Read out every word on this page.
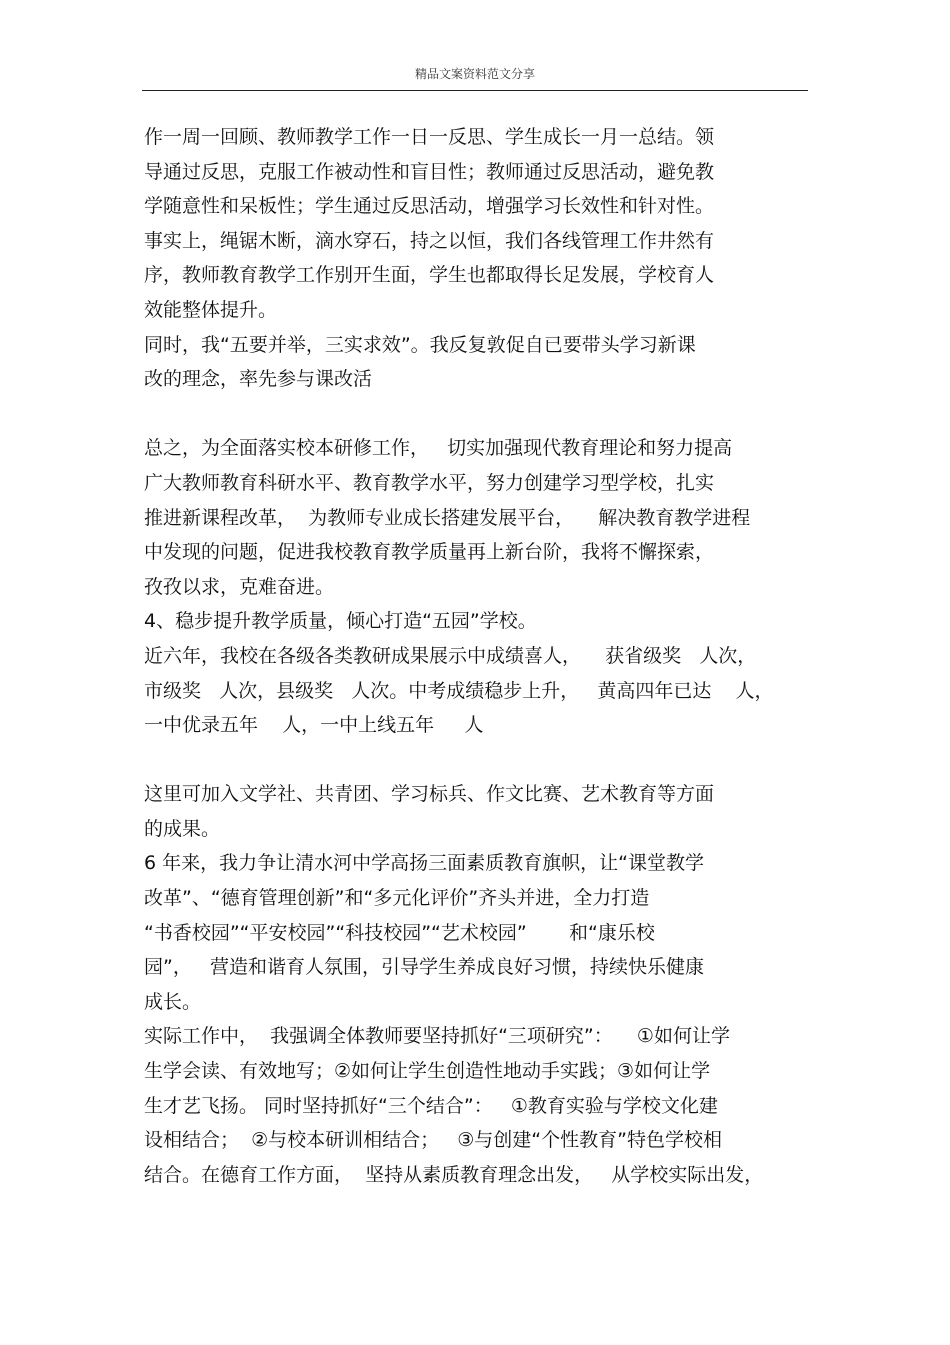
精品文案资料范文分享
作一周一回顾、教师教学工作一日一反思、学生成长一月一总结。领
导通过反思，克服工作被动性和盲目性；教师通过反思活动，避免教
学随意性和呆板性；学生通过反思活动，增强学习长效性和针对性。
事实上，绳锯木断，滴水穿石，持之以恒，我们各线管理工作井然有
序，教师教育教学工作别开生面，学生也都取得长足发展，学校育人
效能整体提升。
同时，我“五要并举，三实求效”。我反复敦促自已要带头学习新课
改的理念，率先参与课改活
总之，为全面落实校本研修工作，   切实加强现代教育理论和努力提高
广大教师教育科研水平、教育教学水平，努力创建学习型学校，扎实
推进新课程改革，  为教师专业成长搭建发展平台，    解决教育教学进程
中发现的问题，促进我校教育教学质量再上新台阶，我将不懈探索，
孜孜以求，克难奋进。
4、稳步提升教学质量，倾心打造“五园”学校。
近六年，我校在各级各类教研成果展示中成绩喜人，    获省级奖   人次，
市级奖   人次，县级奖   人次。中考成绩稳步上升，   黄高四年已达    人，
一中优录五年    人，一中上线五年     人
这里可加入文学社、共青团、学习标兵、作文比赛、艺术教育等方面
的成果。
6 年来，我力争让清水河中学高扬三面素质教育旗帜，让“课堂教学
改革”、“德育管理创新”和“多元化评价”齐头并进，全力打造
“书香校园”“平安校园”“科技校园”“艺术校园”       和“康乐校
园”，   营造和谐育人氛围，引导学生养成良好习惯，持续快乐健康
成长。
实际工作中，  我强调全体教师要坚持抓好“三项研究”：    ①如何让学
生学会读、有效地写；②如何让学生创造性地动手实践；③如何让学
生才艺飞扬。 同时坚持抓好“三个结合”：   ①教育实验与学校文化建
设相结合；  ②与校本研训相结合；   ③与创建“个性教育”特色学校相
结合。在德育工作方面，  坚持从素质教育理念出发，   从学校实际出发，
